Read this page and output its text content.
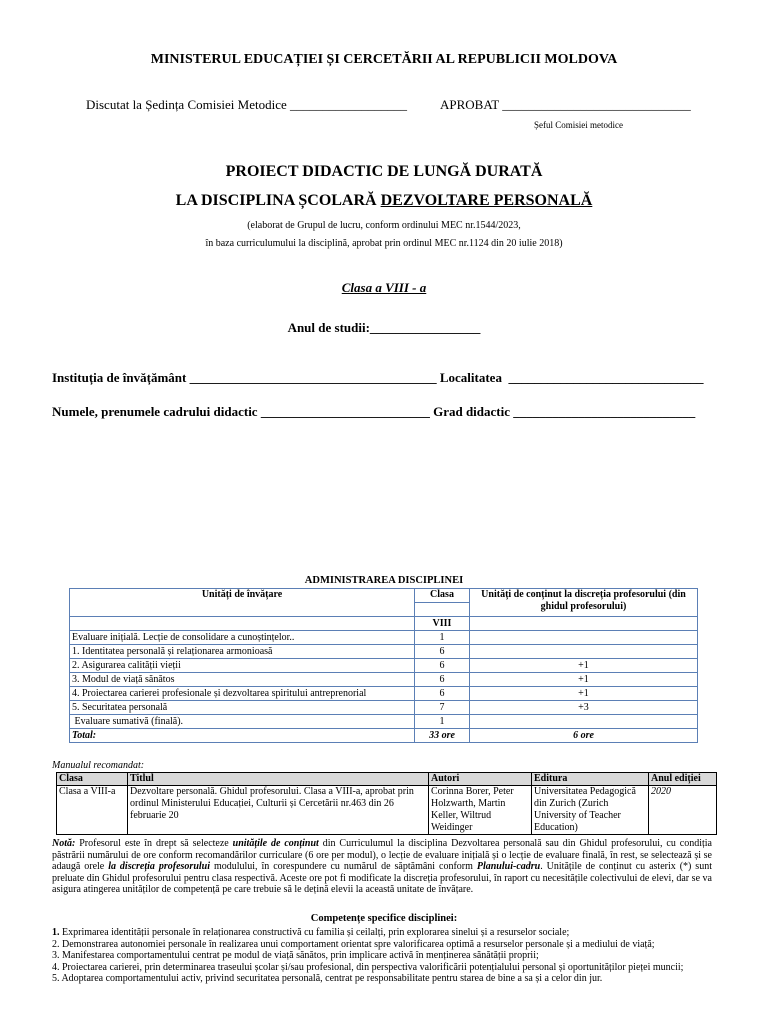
MINISTERUL EDUCAȚIEI ȘI CERCETĂRII AL REPUBLICII MOLDOVA
Discutat la Ședința Comisiei Metodice __________________	APROBAT _____________________________
Șeful Comisiei metodice
PROIECT DIDACTIC DE LUNGĂ DURATĂ
LA DISCIPLINA ȘCOLARĂ DEZVOLTARE PERSONALĂ
(elaborat de Grupul de lucru, conform ordinului MEC nr.1544/2023,
în baza curriculumului la disciplină, aprobat prin ordinul MEC nr.1124 din 20 iulie 2018)
Clasa a VIII - a
Anul de studii:_________________
Instituția de învățământ ______________________________________ Localitatea  ______________________________
Numele, prenumele cadrului didactic __________________________ Grad didactic ____________________________
ADMINISTRAREA DISCIPLINEI
Unități de învățare	Clasa	Unități de conținut la discreția profesorului (din ghidul profesorului)

	VIII	
Evaluare inițială. Lecție de consolidare a cunoștințelor..	1	
1. Identitatea personală și relaționarea armonioasă	6	
2. Asigurarea calității vieții	6	+1
3. Modul de viață sănătos	6	+1
4. Proiectarea carierei profesionale și dezvoltarea spiritului antreprenorial	6	+1
5. Securitatea personală	7	+3
Evaluare sumativă (finală).	1	
Total:	33 ore	6 ore
Manualul recomandat:
Clasa	Titlul	Autori	Editura	Anul ediției
Clasa a VIII-a	Dezvoltare personală. Ghidul profesorului. Clasa a VIII-a, aprobat prin ordinul Ministerului Educației, Culturii și Cercetării nr.463 din 26 februarie 20	Corinna Borer, Peter Holzwarth, Martin Keller, Wiltrud Weidinger	Universitatea Pedagogică din Zurich (Zurich University of Teacher Education)	2020
Notă: Profesorul este în drept să selecteze unitățile de conținut din Curriculumul la disciplina Dezvoltarea personală sau din Ghidul profesorului, cu condiția păstrării numărului de ore conform recomandărilor curriculare (6 ore per modul), o lecție de evaluare inițială și o lecție de evaluare finală, în rest, se selectează și se adaugă orele la discreția profesorului modulului, în corespundere cu numărul de săptămâni conform Planului-cadru. Unitățile de conținut cu asterix (*) sunt preluate din Ghidul profesorului pentru clasa respectivă. Aceste ore pot fi modificate la discreția profesorului, în raport cu necesitățile colectivului de elevi, dar se va asigura atingerea unităților de competență pe care trebuie să le dețină elevii la această unitate de învățare.
Competențe specifice disciplinei:
1. Exprimarea identității personale în relaționarea constructivă cu familia și ceilalți, prin explorarea sinelui și a resurselor sociale;
2. Demonstrarea autonomiei personale în realizarea unui comportament orientat spre valorificarea optimă a resurselor personale și a mediului de viață;
3. Manifestarea comportamentului centrat pe modul de viață sănătos, prin implicare activă în menținerea sănătății proprii;
4. Proiectarea carierei, prin determinarea traseului școlar și/sau profesional, din perspectiva valorificării potențialului personal și oportunităților pieței muncii;
5. Adoptarea comportamentului activ, privind securitatea personală, centrat pe responsabilitate pentru starea de bine a sa și a celor din jur.
